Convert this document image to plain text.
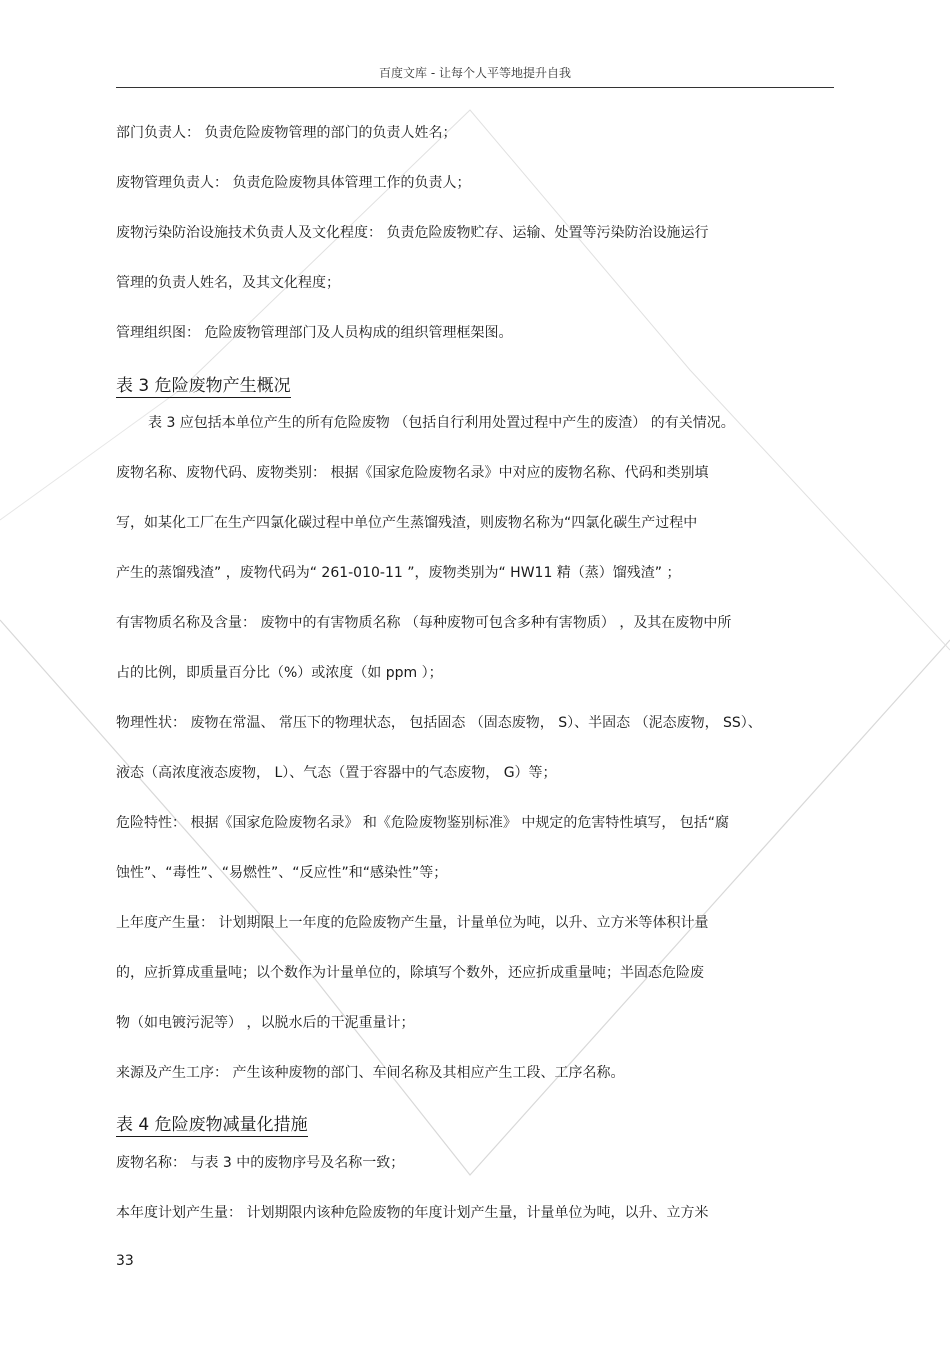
百度文库 - 让每个人平等地提升自我
部门负责人： 负责危险废物管理的部门的负责人姓名；
废物管理负责人： 负责危险废物具体管理工作的负责人；
废物污染防治设施技术负责人及文化程度： 负责危险废物贮存、运输、处置等污染防治设施运行
管理的负责人姓名，及其文化程度；
管理组织图： 危险废物管理部门及人员构成的组织管理框架图。
表 3 危险废物产生概况
表 3 应包括本单位产生的所有危险废物 （包括自行利用处置过程中产生的废渣） 的有关情况。
废物名称、废物代码、废物类别： 根据《国家危险废物名录》中对应的废物名称、代码和类别填
写，如某化工厂在生产四氯化碳过程中单位产生蒸馏残渣，则废物名称为“四氯化碳生产过程中
产生的蒸馏残渣” ，废物代码为“ 261-010-11 ”，废物类别为“ HW11 精（蒸）馏残渣” ；
有害物质名称及含量： 废物中的有害物质名称 （每种废物可包含多种有害物质） ，及其在废物中所
占的比例，即质量百分比（%）或浓度（如 ppm ）；
物理性状： 废物在常温、 常压下的物理状态， 包括固态 （固态废物， S）、半固态 （泥态废物， SS）、
液态（高浓度液态废物， L）、气态（置于容器中的气态废物， G）等；
危险特性： 根据《国家危险废物名录》 和《危险废物鉴别标准》 中规定的危害特性填写， 包括“腐
蚀性”、“毒性”、“易燃性”、“反应性”和“感染性”等；
上年度产生量： 计划期限上一年度的危险废物产生量，计量单位为吨，以升、立方米等体积计量
的，应折算成重量吨；以个数作为计量单位的，除填写个数外，还应折成重量吨；半固态危险废
物（如电镀污泥等） ，以脱水后的干泥重量计；
来源及产生工序： 产生该种废物的部门、车间名称及其相应产生工段、工序名称。
表 4 危险废物减量化措施
废物名称： 与表 3 中的废物序号及名称一致；
本年度计划产生量： 计划期限内该种危险废物的年度计划产生量，计量单位为吨，以升、立方米
33
